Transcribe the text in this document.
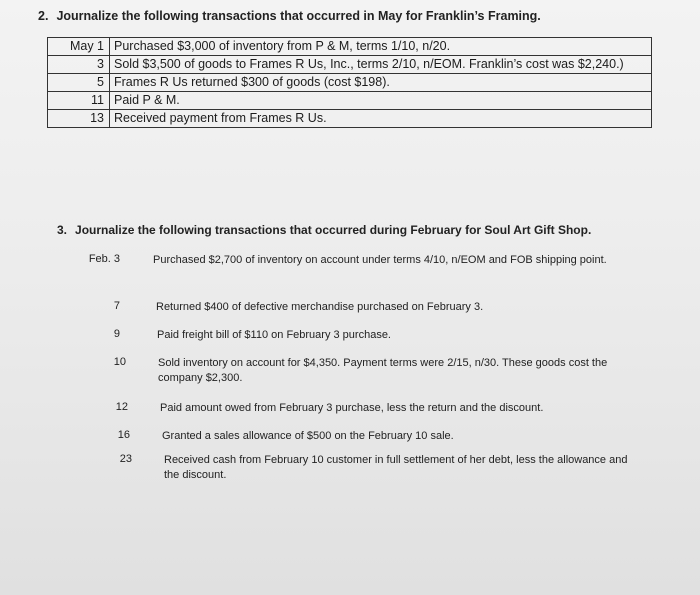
2. Journalize the following transactions that occurred in May for Franklin’s Framing.
May 1	Purchased $3,000 of inventory from P & M, terms 1/10, n/20.
3	Sold $3,500 of goods to Frames R Us, Inc., terms 2/10, n/EOM. Franklin’s cost was $2,240.)
5	Frames R Us returned $300 of goods (cost $198).
11	Paid P & M.
13	Received payment from Frames R Us.
3. Journalize the following transactions that occurred during February for Soul Art Gift Shop.
Feb. 3	Purchased $2,700 of inventory on account under terms 4/10, n/EOM and FOB shipping point.
7	Returned $400 of defective merchandise purchased on February 3.
9	Paid freight bill of $110 on February 3 purchase.
10	Sold inventory on account for $4,350. Payment terms were 2/15, n/30. These goods cost the company $2,300.
12	Paid amount owed from February 3 purchase, less the return and the discount.
16	Granted a sales allowance of $500 on the February 10 sale.
23	Received cash from February 10 customer in full settlement of her debt, less the allowance and the discount.
